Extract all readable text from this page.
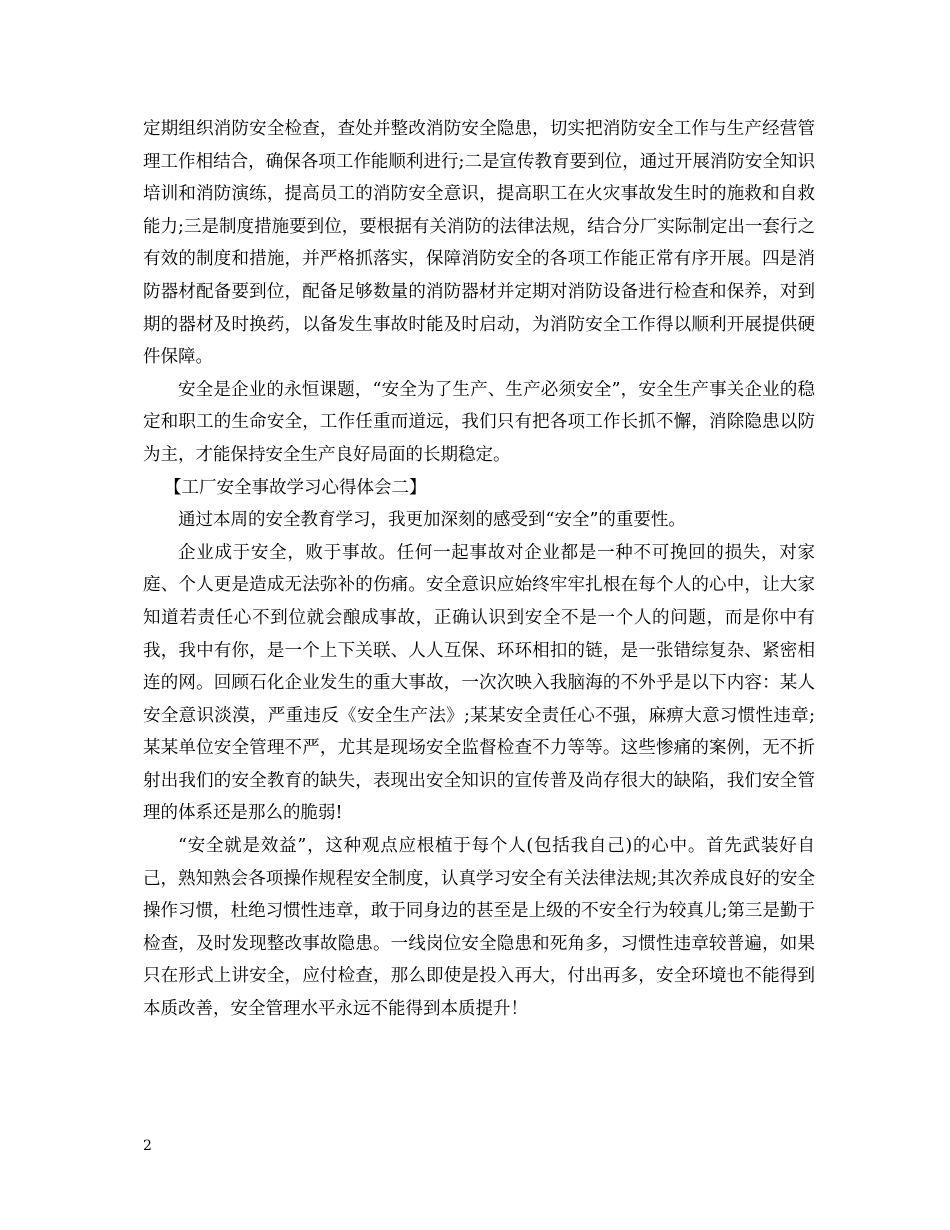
定期组织消防安全检查，查处并整改消防安全隐患，切实把消防安全工作与生产经营管理工作相结合，确保各项工作能顺利进行;二是宣传教育要到位，通过开展消防安全知识培训和消防演练，提高员工的消防安全意识，提高职工在火灾事故发生时的施救和自救能力;三是制度措施要到位，要根据有关消防的法律法规，结合分厂实际制定出一套行之有效的制度和措施，并严格抓落实，保障消防安全的各项工作能正常有序开展。四是消防器材配备要到位，配备足够数量的消防器材并定期对消防设备进行检查和保养，对到期的器材及时换药，以备发生事故时能及时启动，为消防安全工作得以顺利开展提供硬件保障。

安全是企业的永恒课题，“安全为了生产、生产必须安全”，安全生产事关企业的稳定和职工的生命安全，工作任重而道远，我们只有把各项工作长抓不懈，消除隐患以防为主，才能保持安全生产良好局面的长期稳定。

【工厂安全事故学习心得体会二】

通过本周的安全教育学习，我更加深刻的感受到“安全”的重要性。

企业成于安全，败于事故。任何一起事故对企业都是一种不可挽回的损失，对家庭、个人更是造成无法弥补的伤痛。安全意识应始终牢牢扎根在每个人的心中，让大家知道若责任心不到位就会酿成事故，正确认识到安全不是一个人的问题，而是你中有我，我中有你，是一个上下关联、人人互保、环环相扣的链，是一张错综复杂、紧密相连的网。回顾石化企业发生的重大事故，一次次映入我脑海的不外乎是以下内容：某人安全意识淡漠，严重违反《安全生产法》;某某安全责任心不强，麻痹大意习惯性违章;某某单位安全管理不严，尤其是现场安全监督检查不力等等。这些惨痛的案例，无不折射出我们的安全教育的缺失，表现出安全知识的宣传普及尚存很大的缺陷，我们安全管理的体系还是那么的脆弱!

“安全就是效益”，这种观点应根植于每个人(包括我自己)的心中。首先武装好自己，熟知熟会各项操作规程安全制度，认真学习安全有关法律法规;其次养成良好的安全操作习惯，杜绝习惯性违章，敢于同身边的甚至是上级的不安全行为较真儿;第三是勤于检查，及时发现整改事故隐患。一线岗位安全隐患和死角多，习惯性违章较普遍，如果只在形式上讲安全，应付检查，那么即使是投入再大，付出再多，安全环境也不能得到本质改善，安全管理水平永远不能得到本质提升！

2
